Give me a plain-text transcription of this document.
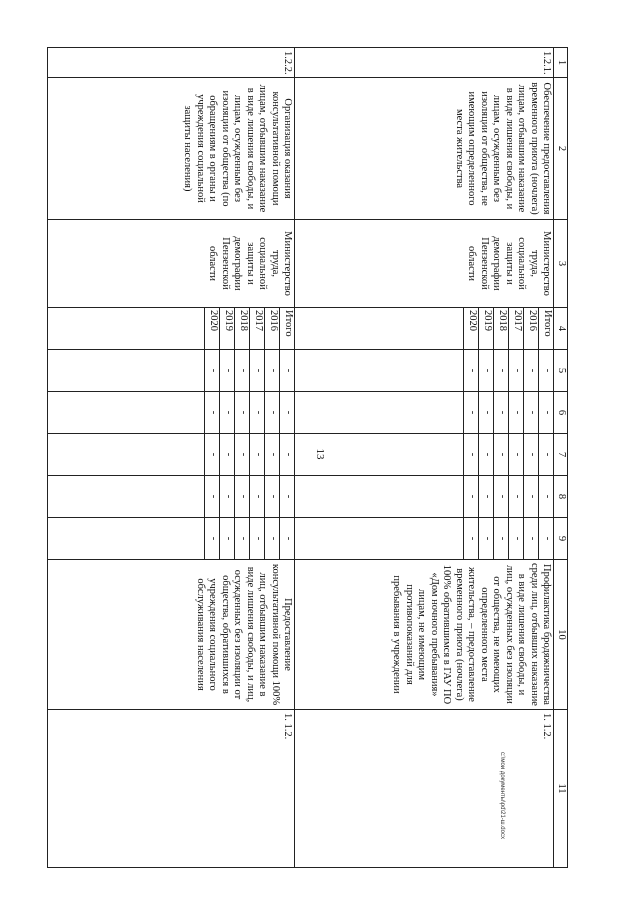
13
1	2	3	4	5	6	7	8	9	10	11
1.2.1.	Обеспечение предоставления временного приюта (ночлега) лицам, отбывшим наказание в виде лишения свободы, и лицам, осужденным без изоляции от общества, не имеющим определенного места жительства	Министерство труда, социальной защиты и демографии Пензенской области	Итого	-	-	-	-	-	Профилактика бродяжничества среди лиц, отбывших наказание в виде лишения свободы, и лиц, осужденных без изоляции от общества, не имеющих определенного места жительства, – предоставление временного приюта (ночлега) 100% обратившимся в ГАУ ПО «Дом ночного пребывания» лицам, не имеющим противопоказаний для пребывания в учреждении	1. 1.2.
			2016	-	-	-	-	-		
			2017	-	-	-	-	-		
			2018	-	-	-	-	-		
			2019	-	-	-	-	-		
			2020	-	-	-	-	-		

1.2.2.	Организация оказания консультативной помощи лицам, отбывшим наказание в виде лишения свободы, и лицам, осужденным без изоляции от общества (по обращениям в органы и учреждения социальной защиты населения)	Министерство труда, социальной защиты и демографии Пензенской области	Итого	-	-	-	-	-	Предоставление консультативной помощи 100% лиц, отбывшим наказание в виде лишения свободы, и лиц, осужденных без изоляции от общества, обратившихся в учреждения социального обслуживания населения	1. 1.2.
			2016	-	-	-	-	-		
			2017	-	-	-	-	-		
			2018	-	-	-	-	-		
			2019	-	-	-	-	-		
			2020	-	-	-	-	-		

c:\мои документы\pd\21-ш.docx
